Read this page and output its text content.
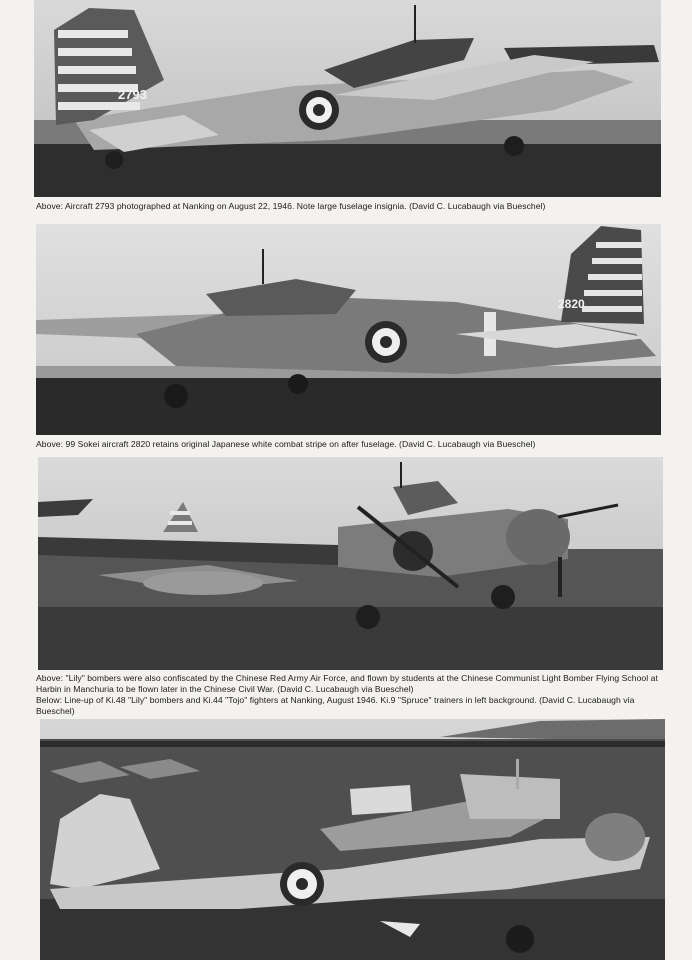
2793
Above: Aircraft 2793 photographed at Nanking on August 22, 1946. Note large fuselage insignia. (David C. Lucabaugh via Bueschel)
2820
Above: 99 Sokei aircraft 2820 retains original Japanese white combat stripe on after fuselage. (David C. Lucabaugh via Bueschel)
Above: "Lily" bombers were also confiscated by the Chinese Red Army Air Force, and flown by students at the Chinese Communist Light Bomber Flying School at Harbin in Manchuria to be flown later in the Chinese Civil War. (David C. Lucabaugh via Bueschel)
Below: Line-up of Ki.48 "Lily" bombers and Ki.44 "Tojo" fighters at Nanking, August 1946. Ki.9 "Spruce" trainers in left background. (David C. Lucabaugh via Bueschel)
